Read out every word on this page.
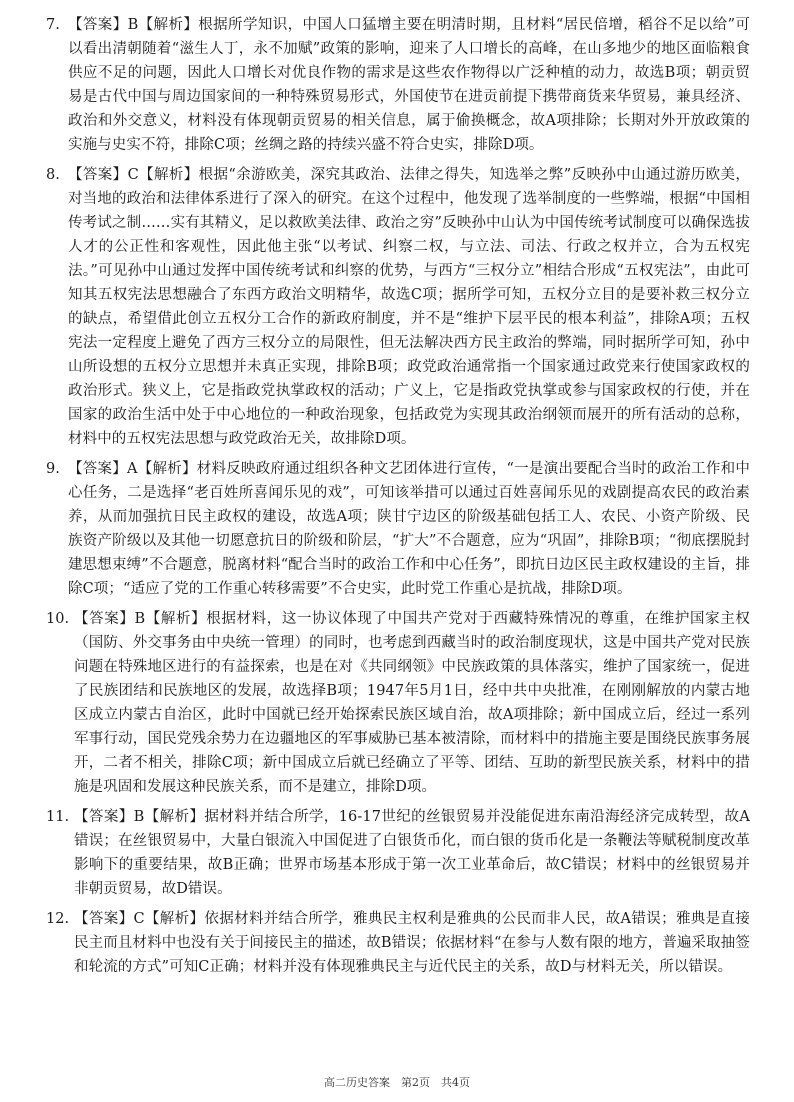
7. 【答案】B【解析】根据所学知识，中国人口猛增主要在明清时期，且材料“居民倍增，稻谷不足以给”可以看出清朝随着“滋生人丁，永不加赋”政策的影响，迎来了人口增长的高峰，在山多地少的地区面临粮食供应不足的问题，因此人口增长对优良作物的需求是这些农作物得以广泛种植的动力，故选B项；朝贡贸易是古代中国与周边国家间的一种特殊贸易形式，外国使节在进贡前提下携带商货来华贸易，兼具经济、政治和外交意义，材料没有体现朝贡贸易的相关信息，属于偷换概念，故A项排除；长期对外开放政策的实施与史实不符，排除C项；丝绸之路的持续兴盛不符合史实，排除D项。
8. 【答案】C【解析】根据“余游欧美，深究其政治、法律之得失，知选举之弊”反映孙中山通过游历欧美，对当地的政治和法律体系进行了深入的研究。在这个过程中，他发现了选举制度的一些弊端，根据“中国相传考试之制……实有其精义，足以救欧美法律、政治之穷”反映孙中山认为中国传统考试制度可以确保选拔人才的公正性和客观性，因此他主张“以考试、纠察二权，与立法、司法、行政之权并立，合为五权宪法。”可见孙中山通过发挥中国传统考试和纠察的优势，与西方“三权分立”相结合形成“五权宪法”，由此可知其五权宪法思想融合了东西方政治文明精华，故选C项；据所学可知，五权分立目的是要补救三权分立的缺点，希望借此创立五权分工合作的新政府制度，并不是“维护下层平民的根本利益”，排除A项；五权宪法一定程度上避免了西方三权分立的局限性，但无法解决西方民主政治的弊端，同时据所学可知，孙中山所设想的五权分立思想并未真正实现，排除B项；政党政治通常指一个国家通过政党来行使国家政权的政治形式。狭义上，它是指政党执掌政权的活动；广义上，它是指政党执掌或参与国家政权的行使，并在国家的政治生活中处于中心地位的一种政治现象，包括政党为实现其政治纲领而展开的所有活动的总称，材料中的五权宪法思想与政党政治无关，故排除D项。
9. 【答案】A【解析】材料反映政府通过组织各种文艺团体进行宣传，“一是演出要配合当时的政治工作和中心任务，二是选择“老百姓所喜闻乐见的戏”，可知该举措可以通过百姓喜闻乐见的戏剧提高农民的政治素养，从而加强抗日民主政权的建设，故选A项；陕甘宁边区的阶级基础包括工人、农民、小资产阶级、民族资产阶级以及其他一切愿意抗日的阶级和阶层，“扩大”不合题意，应为“巩固”，排除B项；“彻底摆脱封建思想束缚”不合题意，脱离材料“配合当时的政治工作和中心任务”，即抗日边区民主政权建设的主旨，排除C项；“适应了党的工作重心转移需要”不合史实，此时党工作重心是抗战，排除D项。
10. 【答案】B【解析】根据材料，这一协议体现了中国共产党对于西藏特殊情况的尊重，在维护国家主权（国防、外交事务由中央统一管理）的同时，也考虑到西藏当时的政治制度现状，这是中国共产党对民族问题在特殊地区进行的有益探索，也是在对《共同纲领》中民族政策的具体落实，维护了国家统一，促进了民族团结和民族地区的发展，故选择B项；1947年5月1日，经中共中央批准，在刚刚解放的内蒙古地区成立内蒙古自治区，此时中国就已经开始探索民族区域自治，故A项排除；新中国成立后，经过一系列军事行动，国民党残余势力在边疆地区的军事威胁已基本被清除，而材料中的措施主要是围绕民族事务展开，二者不相关，排除C项；新中国成立后就已经确立了平等、团结、互助的新型民族关系，材料中的措施是巩固和发展这种民族关系，而不是建立，排除D项。
11. 【答案】B【解析】据材料并结合所学，16-17世纪的丝银贸易并没能促进东南沿海经济完成转型，故A错误；在丝银贸易中，大量白银流入中国促进了白银货币化，而白银的货币化是一条鞭法等赋税制度改革影响下的重要结果，故B正确；世界市场基本形成于第一次工业革命后，故C错误；材料中的丝银贸易并非朝贡贸易，故D错误。
12. 【答案】C【解析】依据材料并结合所学，雅典民主权利是雅典的公民而非人民，故A错误；雅典是直接民主而且材料中也没有关于间接民主的描述，故B错误；依据材料“在参与人数有限的地方，普遍采取抽签和轮流的方式”可知C正确；材料并没有体现雅典民主与近代民主的关系，故D与材料无关，所以错误。
高二历史答案　第2页　共4页
